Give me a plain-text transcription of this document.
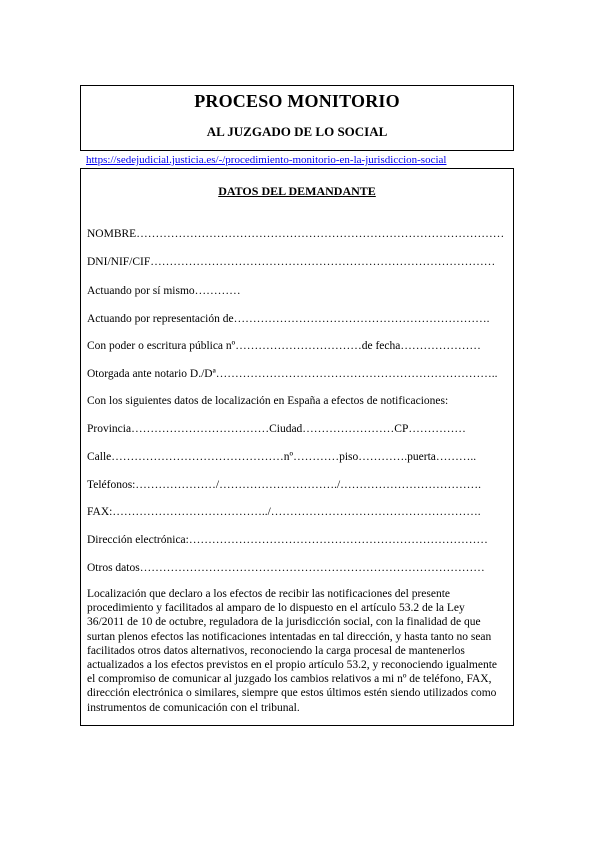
PROCESO MONITORIO
AL JUZGADO DE LO SOCIAL
https://sedejudicial.justicia.es/-/procedimiento-monitorio-en-la-jurisdiccion-social
DATOS DEL DEMANDANTE
NOMBRE……………………………………………………………………………………
DNI/NIF/CIF………………………………………………………………………………
Actuando por sí mismo…………
Actuando por representación de………………………………………………………….
Con poder o escritura pública nº……………………………de fecha…………………
Otorgada ante notario D./Dª………………………………………………………………..
Con los siguientes datos de localización en España a efectos de notificaciones:
Provincia………………………………Ciudad……………………CP……………
Calle………………………………………nº…………piso………….puerta………..
Teléfonos:…………………/…………………………./……………………………….
FAX:…………………………………../……………………………………………….
Dirección electrónica:……………………………………………………………………
Otros datos………………………………………………………………………………
Localización que declaro a los efectos de recibir las notificaciones del presente procedimiento y facilitados al amparo de lo dispuesto en el artículo 53.2 de la Ley 36/2011 de 10 de octubre, reguladora de la jurisdicción social, con la finalidad de que surtan plenos efectos las notificaciones intentadas en tal dirección, y hasta tanto no sean facilitados otros datos alternativos, reconociendo la carga procesal de mantenerlos actualizados a los efectos previstos en el propio artículo 53.2, y reconociendo igualmente el compromiso de comunicar al juzgado los cambios relativos a mi nº de teléfono, FAX, dirección electrónica o similares, siempre que estos últimos estén siendo utilizados como instrumentos de comunicación con el tribunal.
